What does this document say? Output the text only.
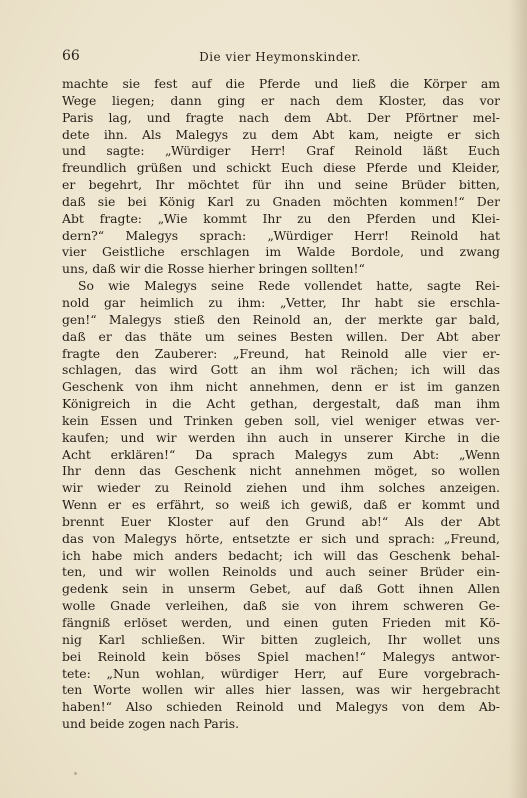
66	Die vier Heymonskinder.
machte sie fest auf die Pferde und ließ die Körper am
Wege liegen; dann ging er nach dem Kloster, das vor
Paris lag, und fragte nach dem Abt. Der Pförtner mel-
dete ihn. Als Malegys zu dem Abt kam, neigte er sich
und sagte: „Würdiger Herr! Graf Reinold läßt Euch
freundlich grüßen und schickt Euch diese Pferde und Kleider,
er begehrt, Ihr möchtet für ihn und seine Brüder bitten,
daß sie bei König Karl zu Gnaden möchten kommen!“ Der
Abt fragte: „Wie kommt Ihr zu den Pferden und Klei-
dern?“ Malegys sprach: „Würdiger Herr! Reinold hat
vier Geistliche erschlagen im Walde Bordole, und zwang
uns, daß wir die Rosse hierher bringen sollten!“
So wie Malegys seine Rede vollendet hatte, sagte Rei-
nold gar heimlich zu ihm: „Vetter, Ihr habt sie erschla-
gen!“ Malegys stieß den Reinold an, der merkte gar bald,
daß er das thäte um seines Besten willen. Der Abt aber
fragte den Zauberer: „Freund, hat Reinold alle vier er-
schlagen, das wird Gott an ihm wol rächen; ich will das
Geschenk von ihm nicht annehmen, denn er ist im ganzen
Königreich in die Acht gethan, dergestalt, daß man ihm
kein Essen und Trinken geben soll, viel weniger etwas ver-
kaufen; und wir werden ihn auch in unserer Kirche in die
Acht erklären!“ Da sprach Malegys zum Abt: „Wenn
Ihr denn das Geschenk nicht annehmen möget, so wollen
wir wieder zu Reinold ziehen und ihm solches anzeigen.
Wenn er es erfährt, so weiß ich gewiß, daß er kommt und
brennt Euer Kloster auf den Grund ab!“ Als der Abt
das von Malegys hörte, entsetzte er sich und sprach: „Freund,
ich habe mich anders bedacht; ich will das Geschenk behal-
ten, und wir wollen Reinolds und auch seiner Brüder ein-
gedenk sein in unserm Gebet, auf daß Gott ihnen Allen
wolle Gnade verleihen, daß sie von ihrem schweren Ge-
fängniß erlöset werden, und einen guten Frieden mit Kö-
nig Karl schließen. Wir bitten zugleich, Ihr wollet uns
bei Reinold kein böses Spiel machen!“ Malegys antwor-
tete: „Nun wohlan, würdiger Herr, auf Eure vorgebrach-
ten Worte wollen wir alles hier lassen, was wir hergebracht
haben!“ Also schieden Reinold und Malegys von dem Ab-
und beide zogen nach Paris.
